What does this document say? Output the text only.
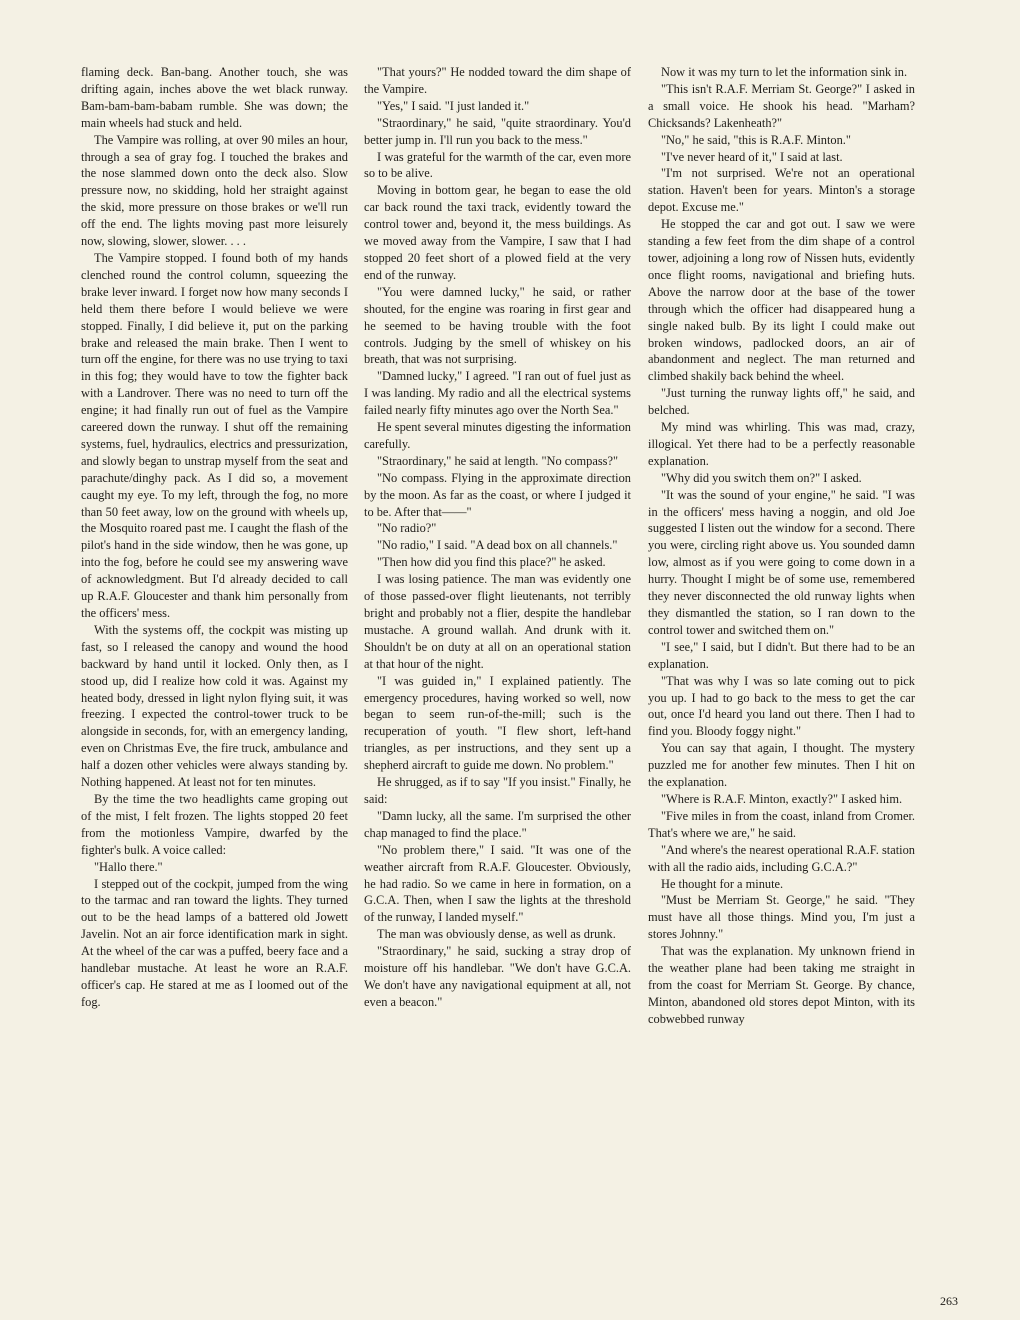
flaming deck. Ban-bang. Another touch, she was drifting again, inches above the wet black runway. Bam-bam-bam-babam rumble. She was down; the main wheels had stuck and held.

The Vampire was rolling, at over 90 miles an hour, through a sea of gray fog. I touched the brakes and the nose slammed down onto the deck also. Slow pressure now, no skidding, hold her straight against the skid, more pressure on those brakes or we'll run off the end. The lights moving past more leisurely now, slowing, slower, slower. . . .

The Vampire stopped. I found both of my hands clenched round the control column, squeezing the brake lever inward. I forget now how many seconds I held them there before I would believe we were stopped. Finally, I did believe it, put on the parking brake and released the main brake. Then I went to turn off the engine, for there was no use trying to taxi in this fog; they would have to tow the fighter back with a Landrover. There was no need to turn off the engine; it had finally run out of fuel as the Vampire careered down the runway. I shut off the remaining systems, fuel, hydraulics, electrics and pressurization, and slowly began to unstrap myself from the seat and parachute/dinghy pack. As I did so, a movement caught my eye. To my left, through the fog, no more than 50 feet away, low on the ground with wheels up, the Mosquito roared past me. I caught the flash of the pilot's hand in the side window, then he was gone, up into the fog, before he could see my answering wave of acknowledgment. But I'd already decided to call up R.A.F. Gloucester and thank him personally from the officers' mess.

With the systems off, the cockpit was misting up fast, so I released the canopy and wound the hood backward by hand until it locked. Only then, as I stood up, did I realize how cold it was. Against my heated body, dressed in light nylon flying suit, it was freezing. I expected the control-tower truck to be alongside in seconds, for, with an emergency landing, even on Christmas Eve, the fire truck, ambulance and half a dozen other vehicles were always standing by. Nothing happened. At least not for ten minutes.

By the time the two headlights came groping out of the mist, I felt frozen. The lights stopped 20 feet from the motionless Vampire, dwarfed by the fighter's bulk. A voice called:

"Hallo there."

I stepped out of the cockpit, jumped from the wing to the tarmac and ran toward the lights. They turned out to be the head lamps of a battered old Jowett Javelin. Not an air force identification mark in sight. At the wheel of the car was a puffed, beery face and a handlebar mustache. At least he wore an R.A.F. officer's cap. He stared at me as I loomed out of the fog.

"That yours?" He nodded toward the dim shape of the Vampire.

"Yes," I said. "I just landed it."

"Straordinary," he said, "quite straordinary. You'd better jump in. I'll run you back to the mess."

I was grateful for the warmth of the car, even more so to be alive.

Moving in bottom gear, he began to ease the old car back round the taxi track, evidently toward the control tower and, beyond it, the mess buildings. As we moved away from the Vampire, I saw that I had stopped 20 feet short of a plowed field at the very end of the runway.

"You were damned lucky," he said, or rather shouted, for the engine was roaring in first gear and he seemed to be having trouble with the foot controls. Judging by the smell of whiskey on his breath, that was not surprising.

"Damned lucky," I agreed. "I ran out of fuel just as I was landing. My radio and all the electrical systems failed nearly fifty minutes ago over the North Sea."

He spent several minutes digesting the information carefully.

"Straordinary," he said at length. "No compass?"

"No compass. Flying in the approximate direction by the moon. As far as the coast, or where I judged it to be. After that——"

"No radio?"

"No radio," I said. "A dead box on all channels."

"Then how did you find this place?" he asked.

I was losing patience. The man was evidently one of those passed-over flight lieutenants, not terribly bright and probably not a flier, despite the handlebar mustache. A ground wallah. And drunk with it. Shouldn't be on duty at all on an operational station at that hour of the night.

"I was guided in," I explained patiently. The emergency procedures, having worked so well, now began to seem run-of-the-mill; such is the recuperation of youth. "I flew short, left-hand triangles, as per instructions, and they sent up a shepherd aircraft to guide me down. No problem."

He shrugged, as if to say "If you insist." Finally, he said:

"Damn lucky, all the same. I'm surprised the other chap managed to find the place."

"No problem there," I said. "It was one of the weather aircraft from R.A.F. Gloucester. Obviously, he had radio. So we came in here in formation, on a G.C.A. Then, when I saw the lights at the threshold of the runway, I landed myself."

The man was obviously dense, as well as drunk.

"Straordinary," he said, sucking a stray drop of moisture off his handlebar. "We don't have G.C.A. We don't have any navigational equipment at all, not even a beacon."

Now it was my turn to let the information sink in.

"This isn't R.A.F. Merriam St. George?" I asked in a small voice. He shook his head. "Marham? Chicksands? Lakenheath?"

"No," he said, "this is R.A.F. Minton."

"I've never heard of it," I said at last.

"I'm not surprised. We're not an operational station. Haven't been for years. Minton's a storage depot. Excuse me."

He stopped the car and got out. I saw we were standing a few feet from the dim shape of a control tower, adjoining a long row of Nissen huts, evidently once flight rooms, navigational and briefing huts. Above the narrow door at the base of the tower through which the officer had disappeared hung a single naked bulb. By its light I could make out broken windows, padlocked doors, an air of abandonment and neglect. The man returned and climbed shakily back behind the wheel.

"Just turning the runway lights off," he said, and belched.

My mind was whirling. This was mad, crazy, illogical. Yet there had to be a perfectly reasonable explanation.

"Why did you switch them on?" I asked.

"It was the sound of your engine," he said. "I was in the officers' mess having a noggin, and old Joe suggested I listen out the window for a second. There you were, circling right above us. You sounded damn low, almost as if you were going to come down in a hurry. Thought I might be of some use, remembered they never disconnected the old runway lights when they dismantled the station, so I ran down to the control tower and switched them on."

"I see," I said, but I didn't. But there had to be an explanation.

"That was why I was so late coming out to pick you up. I had to go back to the mess to get the car out, once I'd heard you land out there. Then I had to find you. Bloody foggy night."

You can say that again, I thought. The mystery puzzled me for another few minutes. Then I hit on the explanation.

"Where is R.A.F. Minton, exactly?" I asked him.

"Five miles in from the coast, inland from Cromer. That's where we are," he said.

"And where's the nearest operational R.A.F. station with all the radio aids, including G.C.A.?"

He thought for a minute.

"Must be Merriam St. George," he said. "They must have all those things. Mind you, I'm just a stores Johnny."

That was the explanation. My unknown friend in the weather plane had been taking me straight in from the coast for Merriam St. George. By chance, Minton, abandoned old stores depot Minton, with its cobwebbed runway

263
